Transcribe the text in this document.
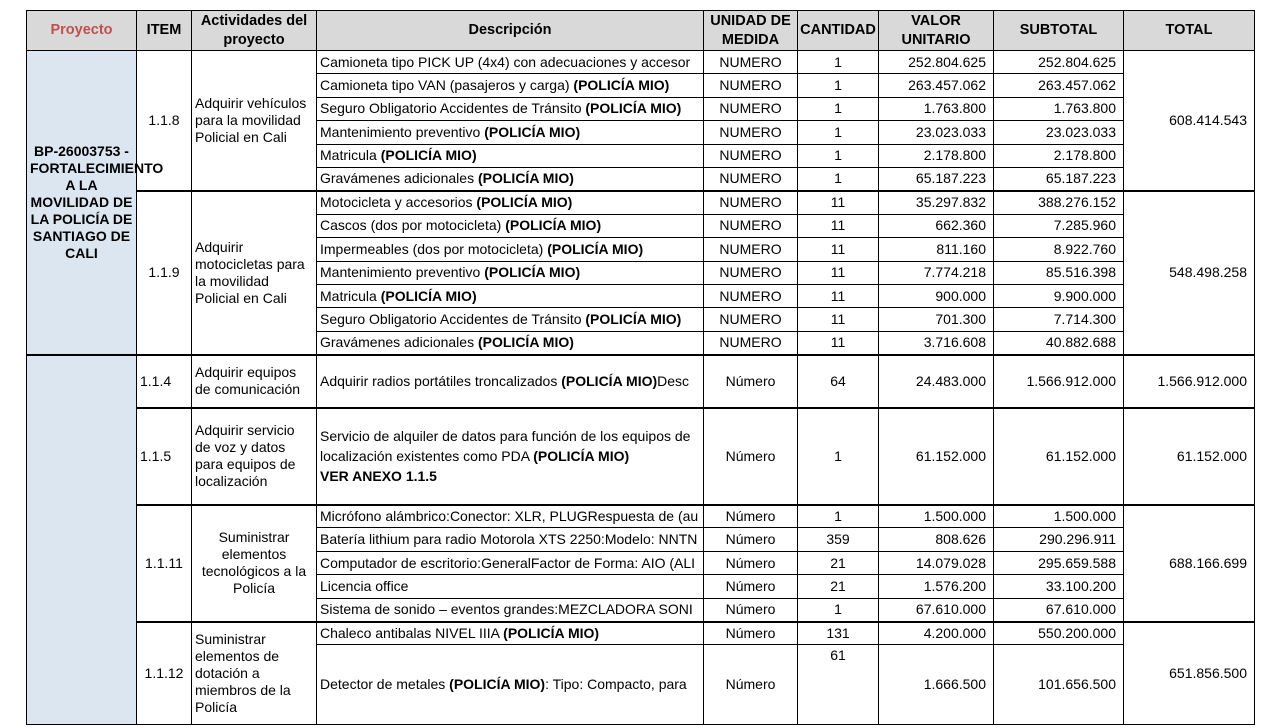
Proyecto	ITEM	Actividades del proyecto	Descripción	UNIDAD DE MEDIDA	CANTIDAD	VALOR UNITARIO	SUBTOTAL	TOTAL
BP-26003753 - FORTALECIMIENTO A LA MOVILIDAD DE LA POLICÍA DE SANTIAGO DE CALI	1.1.8	Adquirir vehículos para la movilidad Policial en Cali	Camioneta tipo PICK UP (4x4) con adecuaciones y accesor	NUMERO	1	252.804.625	252.804.625	608.414.543
			Camioneta tipo VAN (pasajeros y carga) (POLICÍA MIO)	NUMERO	1	263.457.062	263.457.062	
			Seguro Obligatorio Accidentes de Tránsito (POLICÍA MIO)	NUMERO	1	1.763.800	1.763.800	
			Mantenimiento preventivo (POLICÍA MIO)	NUMERO	1	23.023.033	23.023.033	
			Matricula (POLICÍA MIO)	NUMERO	1	2.178.800	2.178.800	
			Gravámenes adicionales (POLICÍA MIO)	NUMERO	1	65.187.223	65.187.223	
	1.1.9	Adquirir motocicletas para la movilidad Policial en Cali	Motocicleta y accesorios (POLICÍA MIO)	NUMERO	11	35.297.832	388.276.152	548.498.258
			Cascos (dos por motocicleta) (POLICÍA MIO)	NUMERO	11	662.360	7.285.960	
			Impermeables (dos por motocicleta) (POLICÍA MIO)	NUMERO	11	811.160	8.922.760	
			Mantenimiento preventivo (POLICÍA MIO)	NUMERO	11	7.774.218	85.516.398	
			Matricula (POLICÍA MIO)	NUMERO	11	900.000	9.900.000	
			Seguro Obligatorio Accidentes de Tránsito (POLICÍA MIO)	NUMERO	11	701.300	7.714.300	
			Gravámenes adicionales (POLICÍA MIO)	NUMERO	11	3.716.608	40.882.688	
	1.1.4	Adquirir equipos de comunicación	Adquirir radios portátiles troncalizados (POLICÍA MIO)Desc	Número	64	24.483.000	1.566.912.000	1.566.912.000
	1.1.5	Adquirir servicio de voz y datos para equipos de localización	Servicio de alquiler de datos para función de los equipos de
localización existentes como PDA (POLICÍA MIO)
VER ANEXO 1.1.5	Número	1	61.152.000	61.152.000	61.152.000
	1.1.11	Suministrar elementos tecnológicos a la Policía	Micrófono alámbrico:Conector: XLR, PLUGRespuesta de (au	Número	1	1.500.000	1.500.000	688.166.699
			Batería lithium para radio Motorola XTS 2250:Modelo: NNTN	Número	359	808.626	290.296.911	
			Computador de escritorio:GeneralFactor de Forma: AIO (ALI	Número	21	14.079.028	295.659.588	
			Licencia office	Número	21	1.576.200	33.100.200	
			Sistema de sonido – eventos grandes:MEZCLADORA SONI	Número	1	67.610.000	67.610.000	
	1.1.12	Suministrar elementos de dotación a miembros de la Policía	Chaleco antibalas NIVEL IIIA (POLICÍA MIO)	Número	131	4.200.000	550.200.000	651.856.500
			Detector de metales (POLICÍA MIO): Tipo: Compacto, para	Número	61	1.666.500	101.656.500	
